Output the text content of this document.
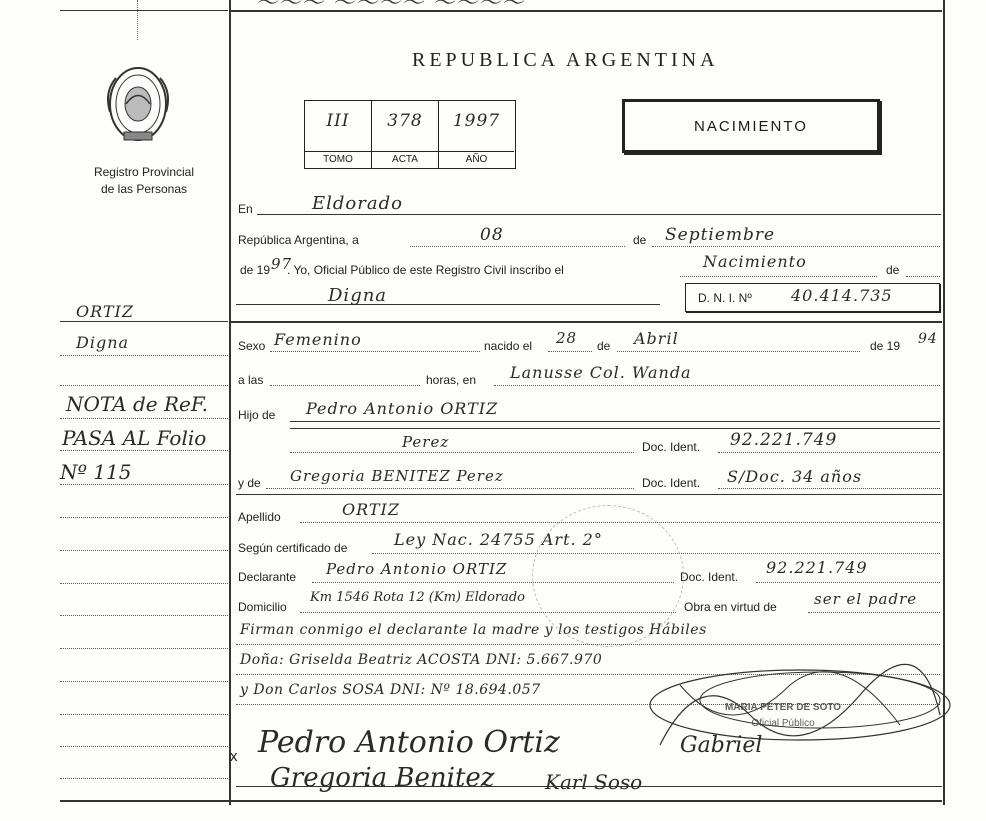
〜〜〜 〜〜〜〜 〜〜〜〜
Registro Provincial
de las Personas
REPUBLICA ARGENTINA
III
TOMO
378
ACTA
1997
AÑO
NACIMIENTO
En	Eldorado
República Argentina, a	08	de Septiembre
de 19 97
. Yo, Oficial Público de este Registro Civil inscribo el	Nacimiento	de
Digna	D. N. I. Nº 40.414.735
Sexo Femenino	nacido el 28 de Abril	de 19 94
a las	horas, en Lanusse Col. Wanda
Hijo de Pedro Antonio ORTIZ
Perez	Doc. Ident. 92.221.749
y de Gregoria BENITEZ Perez	Doc. Ident. S/Doc. 34 años
Apellido	ORTIZ
Según certificado de	Ley Nac. 24755 Art. 2°
Declarante Pedro Antonio ORTIZ	Doc. Ident. 92.221.749
Domicilio
Km 1546 Rota 12 (Km) Eldorado
Obra en virtud de ser el padre
Firman conmigo el declarante la madre y los testigos Hábiles
Doña: Griselda Beatriz ACOSTA DNI: 5.667.970
y Don Carlos SOSA DNI: Nº 18.694.057
MARIA PETER DE SOTO
Oficial Público
x Pedro Antonio Ortiz	Gabriel
Gregoria Benitez	Karl Soso
ORTIZ
Digna
NOTA de ReF.
PASA AL Folio
Nº 115
